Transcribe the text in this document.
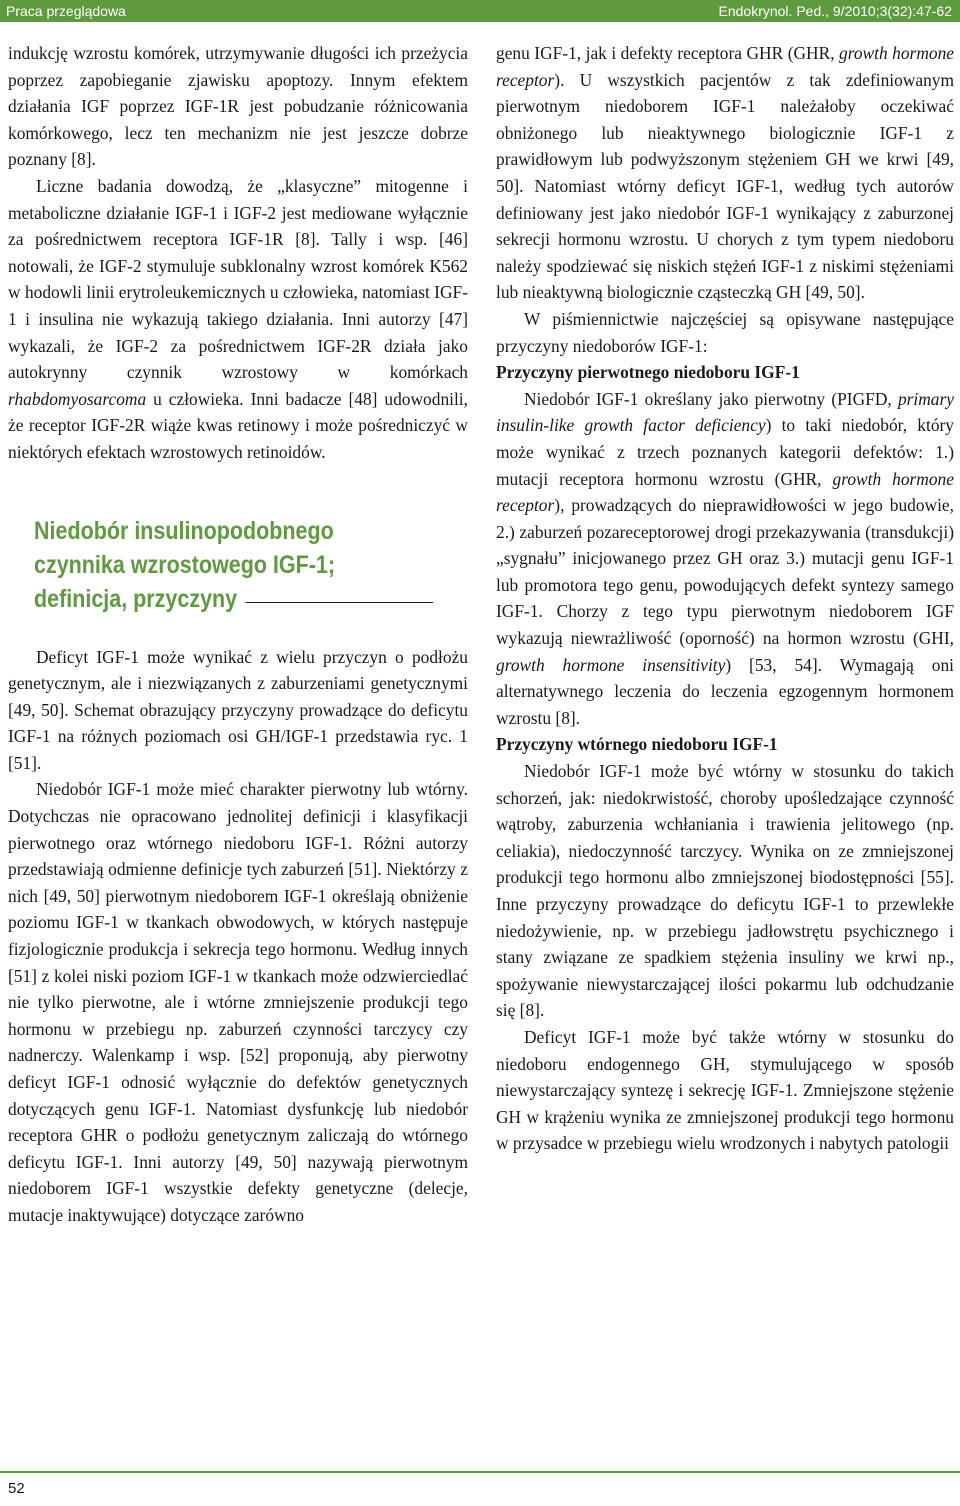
Praca przeglądowa	Endokrynol. Ped., 9/2010;3(32):47-62

indukcję wzrostu komórek, utrzymywanie długości ich przeżycia poprzez zapobieganie zjawisku apoptozy. Innym efektem działania IGF poprzez IGF-1R jest pobudzanie różnicowania komórkowego, lecz ten mechanizm nie jest jeszcze dobrze poznany [8].

Liczne badania dowodzą, że „klasyczne” mitogenne i metaboliczne działanie IGF-1 i IGF-2 jest mediowane wyłącznie za pośrednictwem receptora IGF-1R [8]. Tally i wsp. [46] notowali, że IGF-2 stymuluje subklonalny wzrost komórek K562 w hodowli linii erytroleukemicznych u człowieka, natomiast IGF-1 i insulina nie wykazują takiego działania. Inni autorzy [47] wykazali, że IGF-2 za pośrednictwem IGF-2R działa jako autokrynny czynnik wzrostowy w komórkach rhabdomyosarcoma u człowieka. Inni badacze [48] udowodnili, że receptor IGF-2R wiąże kwas retinowy i może pośredniczyć w niektórych efektach wzrostowych retinoidów.

Niedobór insulinopodobnego
czynnika wzrostowego IGF-1;
definicja, przyczyny

Deficyt IGF-1 może wynikać z wielu przyczyn o podłożu genetycznym, ale i niezwiązanych z zaburzeniami genetycznymi [49, 50]. Schemat obrazujący przyczyny prowadzące do deficytu IGF-1 na różnych poziomach osi GH/IGF-1 przedstawia ryc. 1 [51].

Niedobór IGF-1 może mieć charakter pierwotny lub wtórny. Dotychczas nie opracowano jednolitej definicji i klasyfikacji pierwotnego oraz wtórnego niedoboru IGF-1. Różni autorzy przedstawiają odmienne definicje tych zaburzeń [51]. Niektórzy z nich [49, 50] pierwotnym niedoborem IGF-1 określają obniżenie poziomu IGF-1 w tkankach obwodowych, w których następuje fizjologicznie produkcja i sekrecja tego hormonu. Według innych [51] z kolei niski poziom IGF-1 w tkankach może odzwierciedlać nie tylko pierwotne, ale i wtórne zmniejszenie produkcji tego hormonu w przebiegu np. zaburzeń czynności tarczycy czy nadnerczy. Walenkamp i wsp. [52] proponują, aby pierwotny deficyt IGF-1 odnosić wyłącznie do defektów genetycznych dotyczących genu IGF-1. Natomiast dysfunkcję lub niedobór receptora GHR o podłożu genetycznym zaliczają do wtórnego deficytu IGF-1. Inni autorzy [49, 50] nazywają pierwotnym niedoborem IGF-1 wszystkie defekty genetyczne (delecje, mutacje inaktywujące) dotyczące zarówno

genu IGF-1, jak i defekty receptora GHR (GHR, growth hormone receptor). U wszystkich pacjentów z tak zdefiniowanym pierwotnym niedoborem IGF-1 należałoby oczekiwać obniżonego lub nieaktywnego biologicznie IGF-1 z prawidłowym lub podwyższonym stężeniem GH we krwi [49, 50]. Natomiast wtórny deficyt IGF-1, według tych autorów definiowany jest jako niedobór IGF-1 wynikający z zaburzonej sekrecji hormonu wzrostu. U chorych z tym typem niedoboru należy spodziewać się niskich stężeń IGF-1 z niskimi stężeniami lub nieaktywną biologicznie cząsteczką GH [49, 50].

W piśmiennictwie najczęściej są opisywane następujące przyczyny niedoborów IGF-1:

Przyczyny pierwotnego niedoboru IGF-1

Niedobór IGF-1 określany jako pierwotny (PIGFD, primary insulin-like growth factor deficiency) to taki niedobór, który może wynikać z trzech poznanych kategorii defektów: 1.) mutacji receptora hormonu wzrostu (GHR, growth hormone receptor), prowadzących do nieprawidłowości w jego budowie, 2.) zaburzeń pozareceptorowej drogi przekazywania (transdukcji) „sygnału” inicjowanego przez GH oraz 3.) mutacji genu IGF-1 lub promotora tego genu, powodujących defekt syntezy samego IGF-1. Chorzy z tego typu pierwotnym niedoborem IGF wykazują niewrażliwość (oporność) na hormon wzrostu (GHI, growth hormone insensitivity) [53, 54]. Wymagają oni alternatywnego leczenia do leczenia egzogennym hormonem wzrostu [8].

Przyczyny wtórnego niedoboru IGF-1

Niedobór IGF-1 może być wtórny w stosunku do takich schorzeń, jak: niedokrwistość, choroby upośledzające czynność wątroby, zaburzenia wchłaniania i trawienia jelitowego (np. celiakia), niedoczynność tarczycy. Wynika on ze zmniejszonej produkcji tego hormonu albo zmniejszonej biodostępności [55]. Inne przyczyny prowadzące do deficytu IGF-1 to przewlekłe niedożywienie, np. w przebiegu jadłowstrętu psychicznego i stany związane ze spadkiem stężenia insuliny we krwi np., spożywanie niewystarczającej ilości pokarmu lub odchudzanie się [8].

Deficyt IGF-1 może być także wtórny w stosunku do niedoboru endogennego GH, stymulującego w sposób niewystarczający syntezę i sekrecję IGF-1. Zmniejszone stężenie GH w krążeniu wynika ze zmniejszonej produkcji tego hormonu w przysadce w przebiegu wielu wrodzonych i nabytych patologii

52
